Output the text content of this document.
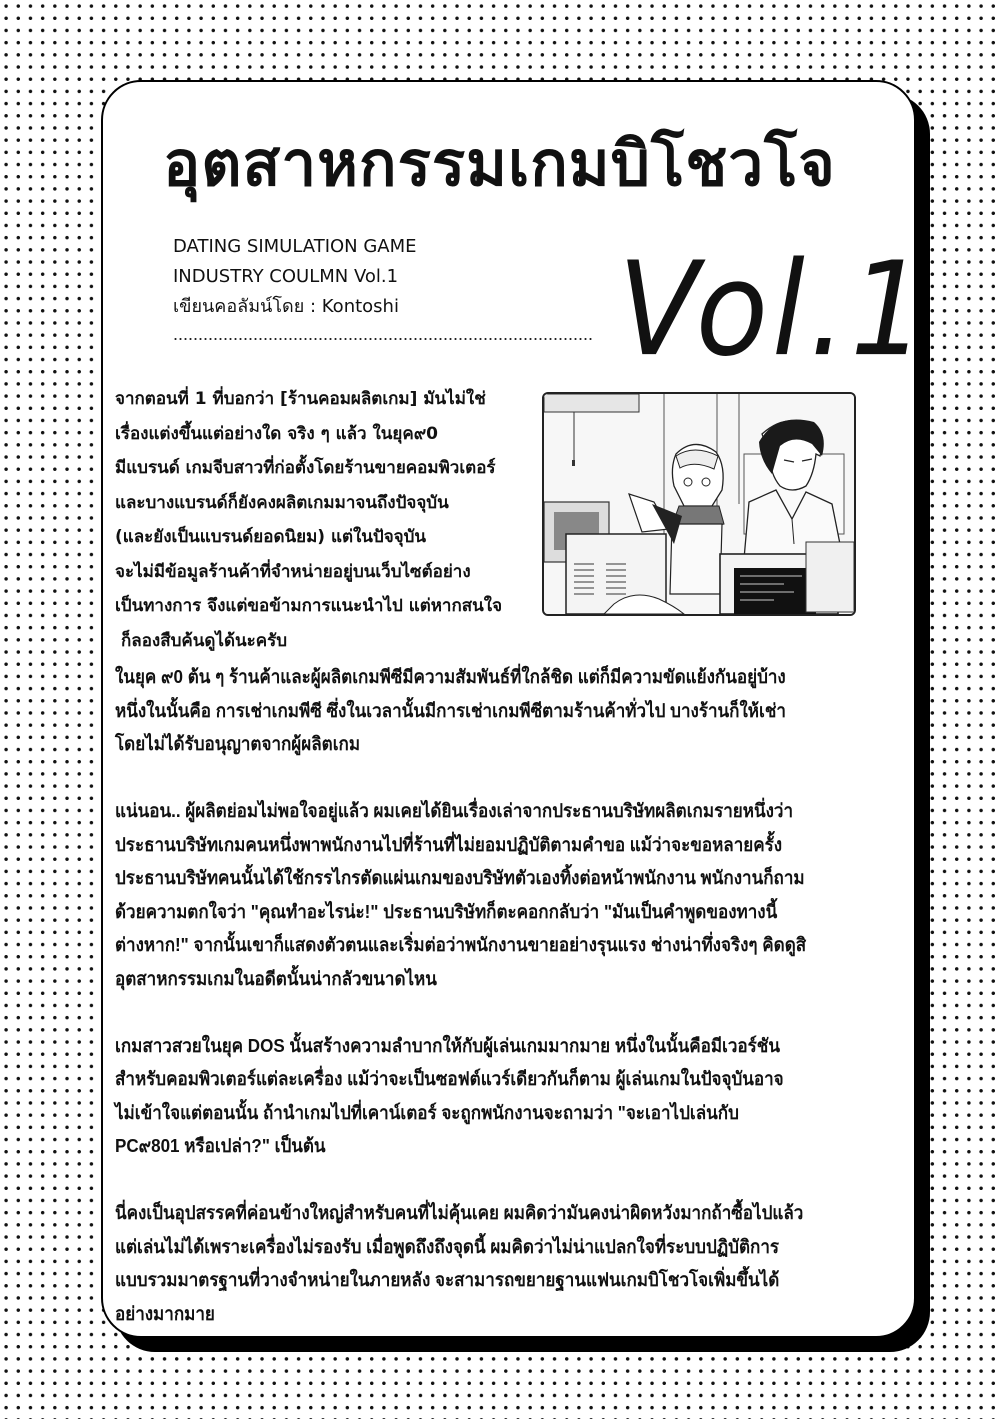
อุตสาหกรรมเกมบิโชวโจ
DATING SIMULATION GAME
INDUSTRY COULMN Vol.1
เขียนคอลัมน์โดย : Kontoshi Vol.1
จากตอนที่ 1 ที่บอกว่า [ร้านคอมผลิตเกม] มันไม่ใช่
เรื่องแต่งขึ้นแต่อย่างใด จริง ๆ แล้ว ในยุค๙0
มีแบรนด์ เกมจีบสาวที่ก่อตั้งโดยร้านขายคอมพิวเตอร์
และบางแบรนด์ก็ยังคงผลิตเกมมาจนถึงปัจจุบัน
(และยังเป็นแบรนด์ยอดนิยม) แต่ในปัจจุบัน
จะไม่มีข้อมูลร้านค้าที่จำหน่ายอยู่บนเว็บไซต์อย่าง
เป็นทางการ จึงแต่ขอข้ามการแนะนำไป แต่หากสนใจ
ก็ลองสืบค้นดูได้นะครับ
ในยุค ๙0 ต้น ๆ ร้านค้าและผู้ผลิตเกมพีซีมีความสัมพันธ์ที่ใกล้ชิด แต่ก็มีความขัดแย้งกันอยู่บ้าง
หนึ่งในนั้นคือ การเช่าเกมพีซี ซึ่งในเวลานั้นมีการเช่าเกมพีซีตามร้านค้าทั่วไป บางร้านก็ให้เช่า
โดยไม่ได้รับอนุญาตจากผู้ผลิตเกม
แน่นอน.. ผู้ผลิตย่อมไม่พอใจอยู่แล้ว ผมเคยได้ยินเรื่องเล่าจากประธานบริษัทผลิตเกมรายหนึ่งว่า
ประธานบริษัทเกมคนหนึ่งพาพนักงานไปที่ร้านที่ไม่ยอมปฏิบัติตามคำขอ แม้ว่าจะขอหลายครั้ง
ประธานบริษัทคนนั้นได้ใช้กรรไกรตัดแผ่นเกมของบริษัทตัวเองทิ้งต่อหน้าพนักงาน พนักงานก็ถาม
ด้วยความตกใจว่า "คุณทำอะไรน่ะ!" ประธานบริษัทก็ตะคอกกลับว่า "มันเป็นคำพูดของทางนี้
ต่างหาก!" จากนั้นเขาก็แสดงตัวตนและเริ่มต่อว่าพนักงานขายอย่างรุนแรง ช่างน่าทึ่งจริงๆ คิดดูสิ
อุตสาหกรรมเกมในอดีตนั้นน่ากลัวขนาดไหน
เกมสาวสวยในยุค DOS นั้นสร้างความลำบากให้กับผู้เล่นเกมมากมาย หนึ่งในนั้นคือมีเวอร์ชัน
สำหรับคอมพิวเตอร์แต่ละเครื่อง แม้ว่าจะเป็นซอฟต์แวร์เดียวกันก็ตาม ผู้เล่นเกมในปัจจุบันอาจ
ไม่เข้าใจแต่ตอนนั้น ถ้านำเกมไปที่เคาน์เตอร์ จะถูกพนักงานจะถามว่า "จะเอาไปเล่นกับ
PC๙801 หรือเปล่า?" เป็นต้น
นี่คงเป็นอุปสรรคที่ค่อนข้างใหญ่สำหรับคนที่ไม่คุ้นเคย ผมคิดว่ามันคงน่าผิดหวังมากถ้าซื้อไปแล้ว
แต่เล่นไม่ได้เพราะเครื่องไม่รองรับ เมื่อพูดถึงถึงจุดนี้ ผมคิดว่าไม่น่าแปลกใจที่ระบบปฏิบัติการ
แบบรวมมาตรฐานที่วางจำหน่ายในภายหลัง จะสามารถขยายฐานแฟนเกมบิโชวโจเพิ่มขึ้นได้
อย่างมากมาย
